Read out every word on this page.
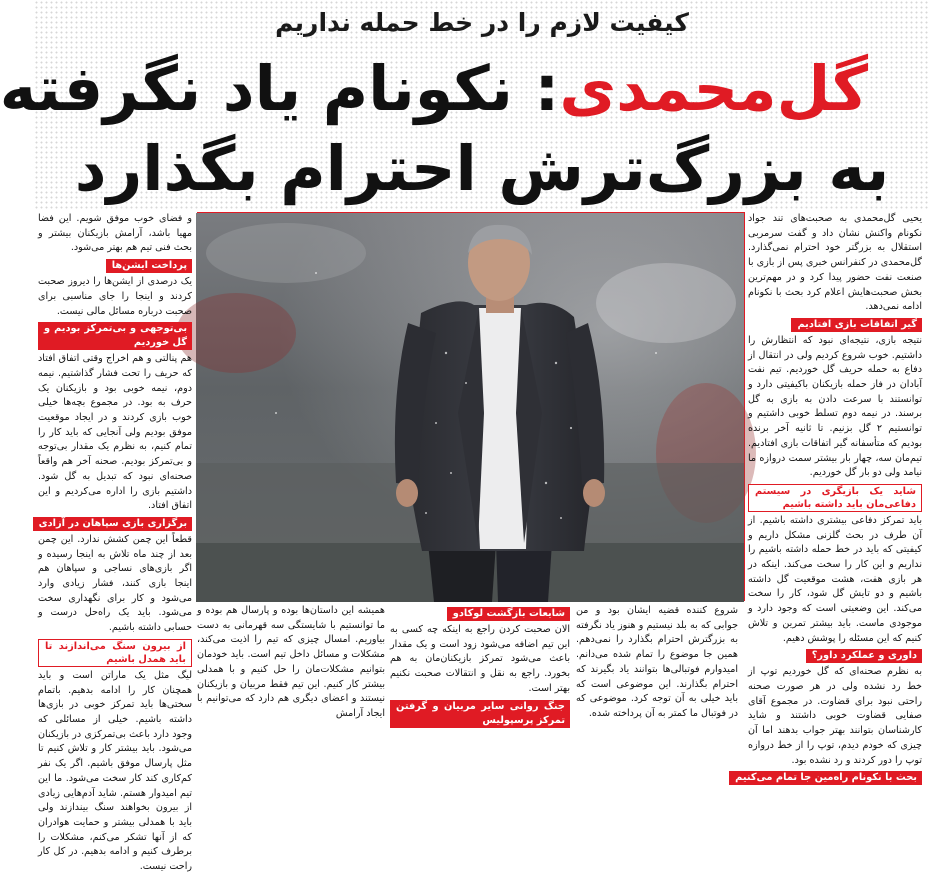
کیفیت لازم را در خط حمله نداریم
گل‌محمدی: نکونام یاد نگرفته
به بزرگ‌ترش احترام بگذارد

یحیی گل‌محمدی به صحبت‌های تند جواد نکونام واکنش نشان داد و گفت سرمربی استقلال به بزرگتر خود احترام نمی‌گذارد. گل‌محمدی در کنفرانس خبری پس از بازی با صنعت نفت حضور پیدا کرد و در مهم‌ترین بخش صحبت‌هایش اعلام کرد بحث با نکونام ادامه نمی‌دهد.

گیر اتفاقات بازی افتادیم

نتیجه بازی، نتیجه‌ای نبود که انتظارش را داشتیم. خوب شروع کردیم ولی در انتقال از دفاع به حمله حریف گل خوردیم. تیم نفت آبادان در فاز حمله بازیکنان باکیفیتی دارد و توانستند با سرعت دادن به بازی به گل برسند. در نیمه دوم تسلط خوبی داشتیم و توانستیم ۲ گل بزنیم. تا ثانیه آخر برنده بودیم که متأسفانه گیر اتفاقات بازی افتادیم. تیم‌مان سه، چهار بار بیشتر سمت دروازه ما نیامد ولی دو بار گل خوردیم.

شاید یک بازیگری در سیستم دفاعی‌مان باید داشته باشیم

باید تمرکز دفاعی بیشتری داشته باشیم. از آن طرف در بحث گلزنی مشکل داریم و کیفیتی که باید در خط حمله داشته باشیم را نداریم و این کار را سخت می‌کند. اینکه در هر بازی هفت، هشت موقعیت گل داشته باشیم و دو تایش گل شود، کار را سخت می‌کند. این وضعیتی است که وجود دارد و موجودی ماست. باید بیشتر تمرین و تلاش کنیم که این مسئله را پوشش دهیم.

داوری و عملکرد داور؟

به نظرم صحنه‌ای که گل خوردیم توپ از خط رد نشده ولی در هر صورت صحنه راحتی نبود برای قضاوت. در مجموع آقای صفایی قضاوت خوبی داشتند و شاید کارشناسان بتوانند بهتر جواب بدهند اما آن چیزی که خودم دیدم، توپ را از خط دروازه توپ را دور کردند و رد نشده بود.

بحث با نکونام راه‌مین جا تمام می‌کنیم

شروع کننده قضیه ایشان بود و من جوابی که به بلد نیستیم و هنوز یاد نگرفته به بزرگترش احترام بگذارد را نمی‌دهم. همین جا موضوع را تمام شده می‌دانم. امیدوارم فوتبالی‌ها بتوانند یاد بگیرند که احترام بگذارند. این موضوعی است که باید خیلی به آن توجه کرد. موضوعی که در فوتبال ما کمتر به آن پرداخته شده.

شایعات بازگشت لوکادو

الان صحبت کردن راجع به اینکه چه کسی به این تیم اضافه می‌شود زود است و یک مقدار باعث می‌شود تمرکز بازیکنان‌مان به هم بخورد. راجع به نقل و انتقالات صحبت نکنیم بهتر است.

جنگ روانی سایر مربیان و گرفتن تمرکز پرسپولیس

همیشه این داستان‌ها بوده و پارسال هم بوده و ما توانستیم با شایستگی سه قهرمانی به دست بیاوریم. امسال چیزی که تیم را اذیت می‌کند، مشکلات و مسائل داخل تیم است. باید خودمان بتوانیم مشکلات‌مان را حل کنیم و با همدلی بیشتر کار کنیم. این تیم فقط مربیان و بازیکنان نیستند و اعضای دیگری هم دارد که می‌توانیم با ایجاد آرامش

و فضای خوب موفق شویم. این فضا مهیا باشد، آرامش بازیکنان بیشتر و بحث فنی تیم هم بهتر می‌شود.

پرداخت ایشن‌ها

یک درصدی از ایشن‌ها را دیروز صحبت کردند و اینجا را جای مناسبی برای صحبت درباره مسائل مالی نیست.

بی‌توجهی و بی‌تمرکز بودیم و گل خوردیم

هم پنالتی و هم اخراج وقتی اتفاق افتاد که حریف را تحت فشار گذاشتیم. نیمه دوم، نیمه خوبی بود و بازیکنان یک حرف به بود. در مجموع بچه‌ها خیلی خوب بازی کردند و در ایجاد موقعیت موفق بودیم ولی آنجایی که باید کار را تمام کنیم، به نظرم یک مقدار بی‌توجه و بی‌تمرکز بودیم. صحنه آخر هم واقعاً صحنه‌ای نبود که تبدیل به گل شود. داشتیم بازی را اداره می‌کردیم و این اتفاق افتاد.

برگزاری بازی سپاهان در آزادی

قطعاً این چمن کشش ندارد. این چمن بعد از چند ماه تلاش به اینجا رسیده و اگر بازی‌های نساجی و سپاهان هم اینجا بازی کنند، فشار زیادی وارد می‌شود و کار برای نگهداری سخت می‌شود. باید یک راه‌حل درست و حسابی داشته باشیم.

از بیرون سنگ می‌اندازند تا باید همدل باشیم

لیگ مثل یک ماراتن است و باید همچنان کار را ادامه بدهیم. باتمام سختی‌ها باید تمرکز خوبی در بازی‌ها داشته باشیم. خیلی از مسائلی که وجود دارد باعث بی‌تمرکزی در بازیکنان می‌شود. باید بیشتر کار و تلاش کنیم تا مثل پارسال موفق باشیم. اگر یک نفر کم‌کاری کند کار سخت می‌شود. ما این تیم امیدوار هستم. شاید آدم‌هایی زیادی از بیرون بخواهند سنگ بیندازند ولی باید با همدلی بیشتر و حمایت هوادران که از آنها تشکر می‌کنم، مشکلات را برطرف کنیم و ادامه بدهیم. در کل کار راحت نیست.
